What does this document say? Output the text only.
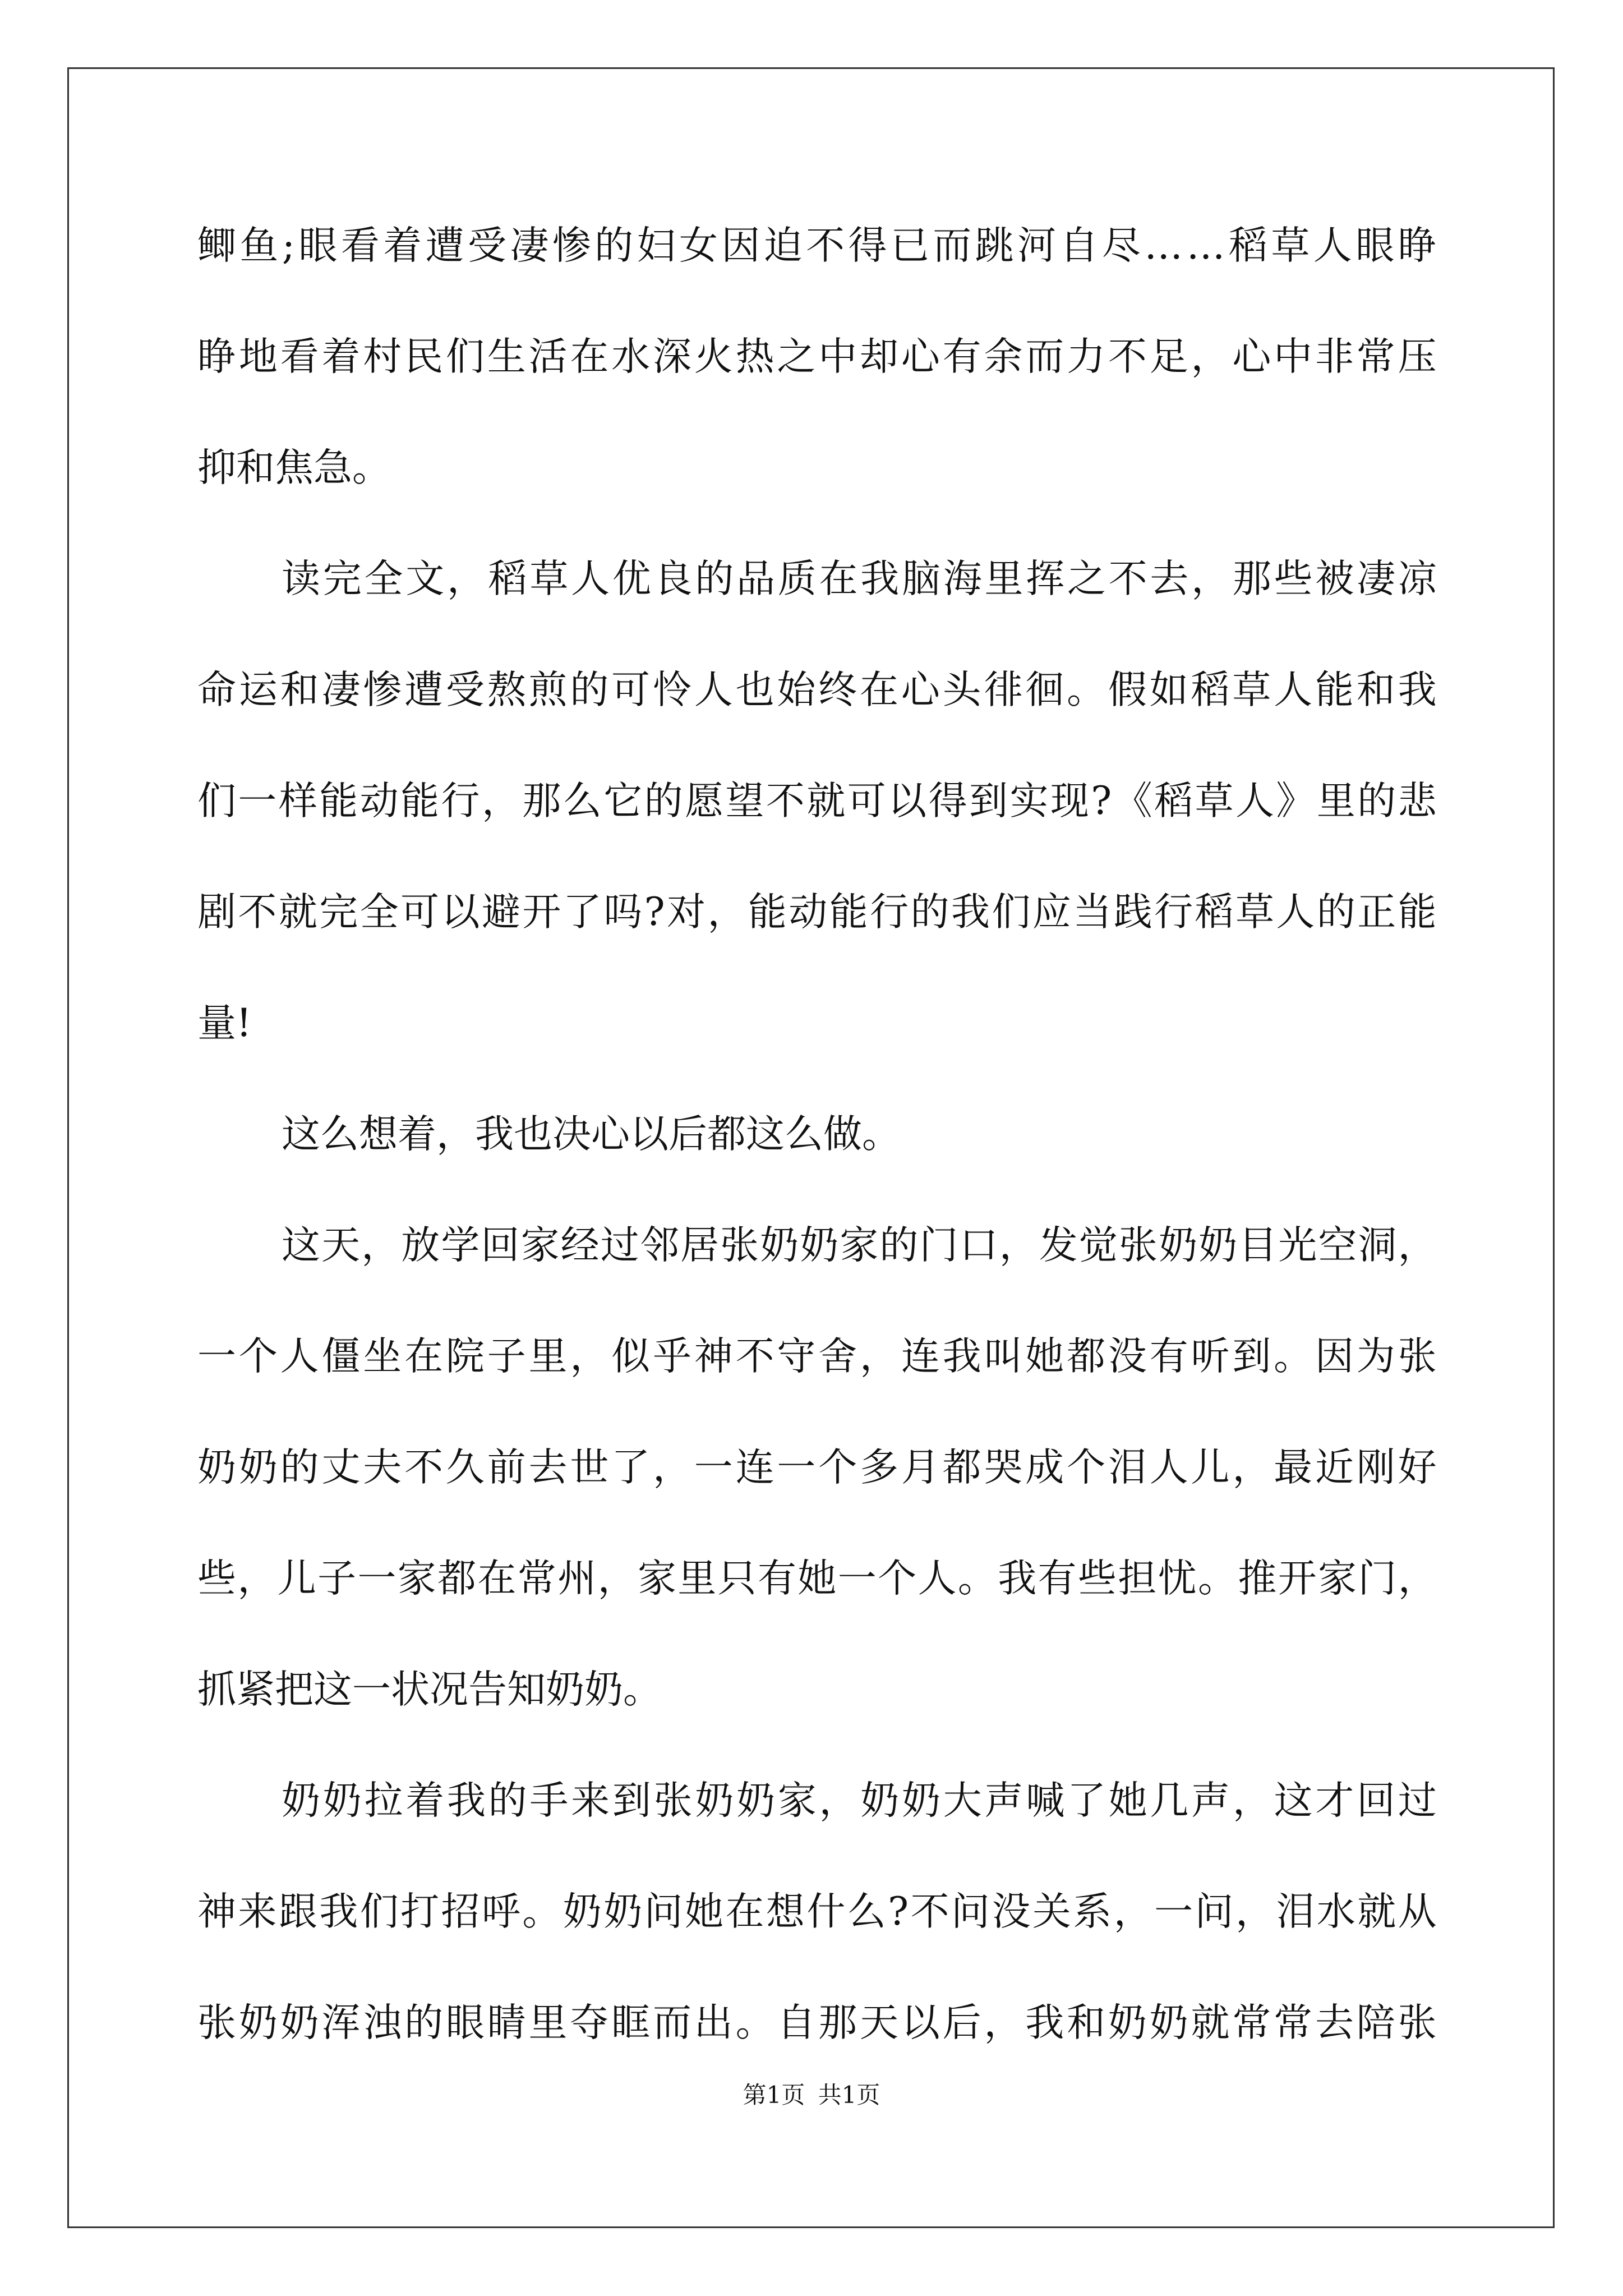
鲫 鱼 ; 眼 看 着 遭 受 凄 惨 的 妇 女 因 迫 不 得 已 而 跳 河 自 尽 … … 稻 草 人 眼 睁
睁 地 看 着 村 民 们 生 活 在 水 深 火 热 之 中 却 心 有 余 而 力 不 足 ， 心 中 非 常 压
抑和焦急。
读 完 全 文 ， 稻 草 人 优 良 的 品 质 在 我 脑 海 里 挥 之 不 去 ， 那 些 被 凄 凉
命 运 和 凄 惨 遭 受 熬 煎 的 可 怜 人 也 始 终 在 心 头 徘 徊 。 假 如 稻 草 人 能 和 我
们 一 样 能 动 能 行 ， 那 么 它 的 愿 望 不 就 可 以 得 到 实 现 ? 《 稻 草 人 》 里 的 悲
剧 不 就 完 全 可 以 避 开 了 吗 ? 对 ， 能 动 能 行 的 我 们 应 当 践 行 稻 草 人 的 正 能
量!
这么想着，我也决心以后都这么做。
这 天 ， 放 学 回 家 经 过 邻 居 张 奶 奶 家 的 门 口 ， 发 觉 张 奶 奶 目 光 空 洞 ，
一 个 人 僵 坐 在 院 子 里 ， 似 乎 神 不 守 舍 ， 连 我 叫 她 都 没 有 听 到 。 因 为 张
奶 奶 的 丈 夫 不 久 前 去 世 了 ， 一 连 一 个 多 月 都 哭 成 个 泪 人 儿 ， 最 近 刚 好
些 ， 儿 子 一 家 都 在 常 州 ， 家 里 只 有 她 一 个 人 。 我 有 些 担 忧 。 推 开 家 门 ，
抓紧把这一状况告知奶奶。
奶 奶 拉 着 我 的 手 来 到 张 奶 奶 家 ， 奶 奶 大 声 喊 了 她 几 声 ， 这 才 回 过
神 来 跟 我 们 打 招 呼 。 奶 奶 问 她 在 想 什 么 ? 不 问 没 关 系 ， 一 问 ， 泪 水 就 从
张 奶 奶 浑 浊 的 眼 睛 里 夺 眶 而 出 。 自 那 天 以 后 ， 我 和 奶 奶 就 常 常 去 陪 张
第1页 共1页
